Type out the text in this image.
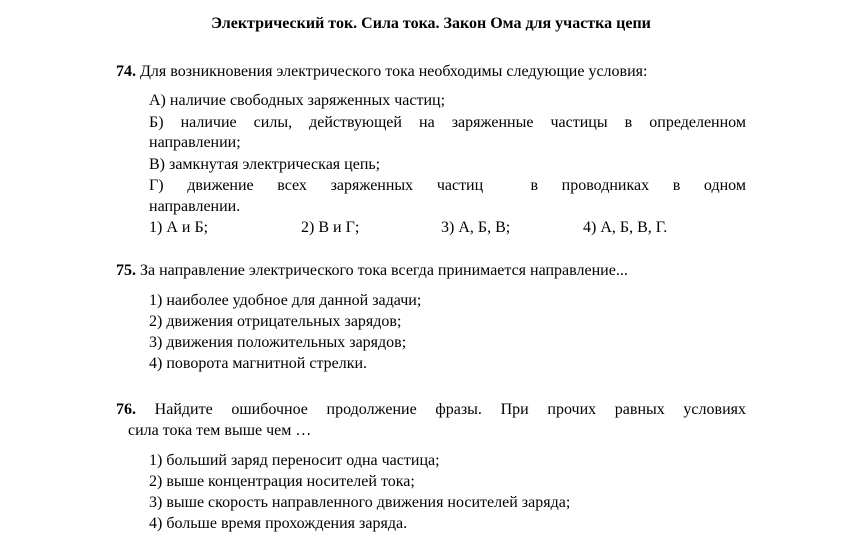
Электрический ток. Сила тока. Закон Ома для участка цепи
74. Для возникновения электрического тока необходимы следующие условия:
А) наличие свободных заряженных частиц;
Б) наличие силы, действующей на заряженные частицы в определенном
направлении;
В) замкнутая электрическая цепь;
Г) движение всех заряженных частиц  в проводниках в одном
направлении.
1) А и Б;	2) В и Г;	3) А, Б, В;	4) А, Б, В, Г.
75. За направление электрического тока всегда принимается направление...
1) наиболее удобное для данной задачи;
2) движения отрицательных зарядов;
3) движения положительных зарядов;
4) поворота магнитной стрелки.
76. Найдите ошибочное продолжение фразы. При прочих равных условиях
сила тока тем выше чем …
1) больший заряд переносит одна частица;
2) выше концентрация носителей тока;
3) выше скорость направленного движения носителей заряда;
4) больше время прохождения заряда.
